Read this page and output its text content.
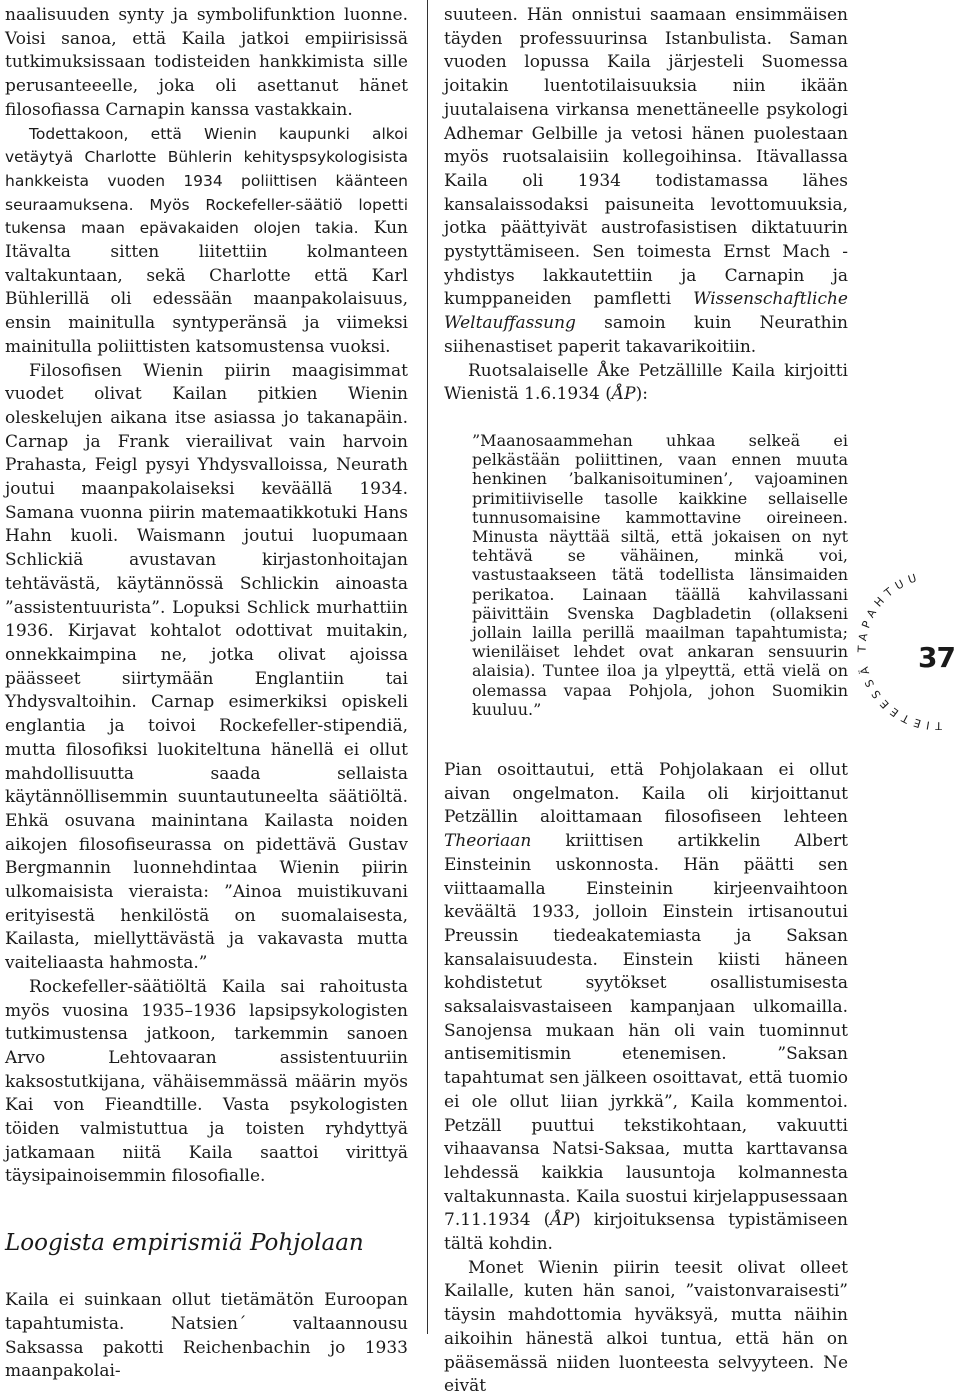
naalisuuden synty ja symbolifunktion luonne. Voisi sanoa, että Kaila jatkoi empiirisissä tutkimuksissaan todisteiden hankkimista sille perusanteeelle, joka oli asettanut hänet filosofiassa Carnapin kanssa vastakkain.

Todettakoon, että Wienin kaupunki alkoi vetäytyä Charlotte Bühlerin kehityspsykologisista hankkeista vuoden 1934 poliittisen käänteen seuraamuksena. Myös Rockefeller-säätiö lopetti tukensa maan epävakaiden olojen takia. Kun Itävalta sitten liitettiin kolmanteen valtakuntaan, sekä Charlotte että Karl Bühlerillä oli edessään maanpakolaisuus, ensin mainitulla syntyperänsä ja viimeksi mainitulla poliittisten katsomustensa vuoksi.

Filosofisen Wienin piirin maagisimmat vuodet olivat Kailan pitkien Wienin oleskelujen aikana itse asiassa jo takanapäin. Carnap ja Frank vierailivat vain harvoin Prahasta, Feigl pysyi Yhdysvalloissa, Neurath joutui maanpakolaiseksi keväällä 1934. Samana vuonna piirin matemaatikkotuki Hans Hahn kuoli. Waismann joutui luopumaan Schlickiä avustavan kirjastonhoitajan tehtävästä, käytännössä Schlickin ainoasta ”assistentuurista”. Lopuksi Schlick murhattiin 1936. Kirjavat kohtalot odottivat muitakin, onnekkaimpina ne, jotka olivat ajoissa päässeet siirtymään Englantiin tai Yhdysvaltoihin. Carnap esimerkiksi opiskeli englantia ja toivoi Rockefeller-stipendiä, mutta filosofiksi luokiteltuna hänellä ei ollut mahdollisuutta saada sellaista käytännöllisemmin suuntautuneelta säätiöltä. Ehkä osuvana mainintana Kailasta noiden aikojen filosofiseurassa on pidettävä Gustav Bergmannin luonnehdintaa Wienin piirin ulkomaisista vieraista: ”Ainoa muistikuvani erityisestä henkilöstä on suomalaisesta, Kailasta, miellyttävästä ja vakavasta mutta vaiteliaasta hahmosta.”

Rockefeller-säätiöltä Kaila sai rahoitusta myös vuosina 1935–1936 lapsipsykologisten tutkimustensa jatkoon, tarkemmin sanoen Arvo Lehtovaaran assistentuuriin kaksostutkijana, vähäisemmässä määrin myös Kai von Fieandtille. Vasta psykologisten töiden valmistuttua ja toisten ryhdyttyä jatkamaan niitä Kaila saattoi virittyä täysipainoisemmin filosofialle.

Loogista empirismiä Pohjolaan

Kaila ei suinkaan ollut tietämätön Euroopan tapahtumista. Natsien´ valtaannousu Saksassa pakotti Reichenbachin jo 1933 maanpakolai-

suuteen. Hän onnistui saamaan ensimmäisen täyden professuurinsa Istanbulista. Saman vuoden lopussa Kaila järjesteli Suomessa joitakin luentotilaisuuksia niin ikään juutalaisena virkansa menettäneelle psykologi Adhemar Gelbille ja vetosi hänen puolestaan myös ruotsalaisiin kollegoihinsa. Itävallassa Kaila oli 1934 todistamassa lähes kansalaissodaksi paisuneita levottomuuksia, jotka päättyivät austrofasistisen diktatuurin pystyttämiseen. Sen toimesta Ernst Mach -yhdistys lakkautettiin ja Carnapin ja kumppaneiden pamfletti Wissenschaftliche Weltauffassung samoin kuin Neurathin siihenastiset paperit takavarikoitiin.

Ruotsalaiselle Åke Petzällille Kaila kirjoitti Wienistä 1.6.1934 (ÅP):

”Maanosaammehan uhkaa selkeä ei pelkästään poliittinen, vaan ennen muuta henkinen ’balkanisoituminen’, vajoaminen primitiiviselle tasolle kaikkine sellaiselle tunnusomaisine kammottavine oireineen. Minusta näyttää siltä, että jokaisen on nyt tehtävä se vähäinen, minkä voi, vastustaakseen tätä todellista länsimaiden perikatoa. Lainaan täällä kahvilassani päivittäin Svenska Dagbladetin (ollakseni jollain lailla perillä maailman tapahtumista; wieniläiset lehdet ovat ankaran sensuurin alaisia). Tuntee iloa ja ylpeyttä, että vielä on olemassa vapaa Pohjola, johon Suomikin kuuluu.”

Pian osoittautui, että Pohjolakaan ei ollut aivan ongelmaton. Kaila oli kirjoittanut Petzällin aloittamaan filosofiseen lehteen Theoriaan kriittisen artikkelin Albert Einsteinin uskonnosta. Hän päätti sen viittaamalla Einsteinin kirjeenvaihtoon keväältä 1933, jolloin Einstein irtisanoutui Preussin tiedeakatemiasta ja Saksan kansalaisuudesta. Einstein kiisti häneen kohdistetut syytökset osallistumisesta saksalaisvastaiseen kampanjaan ulkomailla. Sanojensa mukaan hän oli vain tuominnut antisemitismin etenemisen. ”Saksan tapahtumat sen jälkeen osoittavat, että tuomio ei ole ollut liian jyrkkä”, Kaila kommentoi. Petzäll puuttui tekstikohtaan, vakuutti vihaavansa Natsi-Saksaa, mutta karttavansa lehdessä kaikkia lausuntoja kolmannesta valtakunnasta. Kaila suostui kirjelappusessaan 7.11.1934 (ÅP) kirjoituksensa typistämiseen tältä kohdin.

Monet Wienin piirin teesit olivat olleet Kailalle, kuten hän sanoi, ”vaistonvaraisesti” täysin mahdottomia hyväksyä, mutta näihin aikoihin hänestä alkoi tuntua, että hän on pääsemässä niiden luonteesta selvyyteen. Ne eivät

TIETEESSÄ TAPAHTUU
37
